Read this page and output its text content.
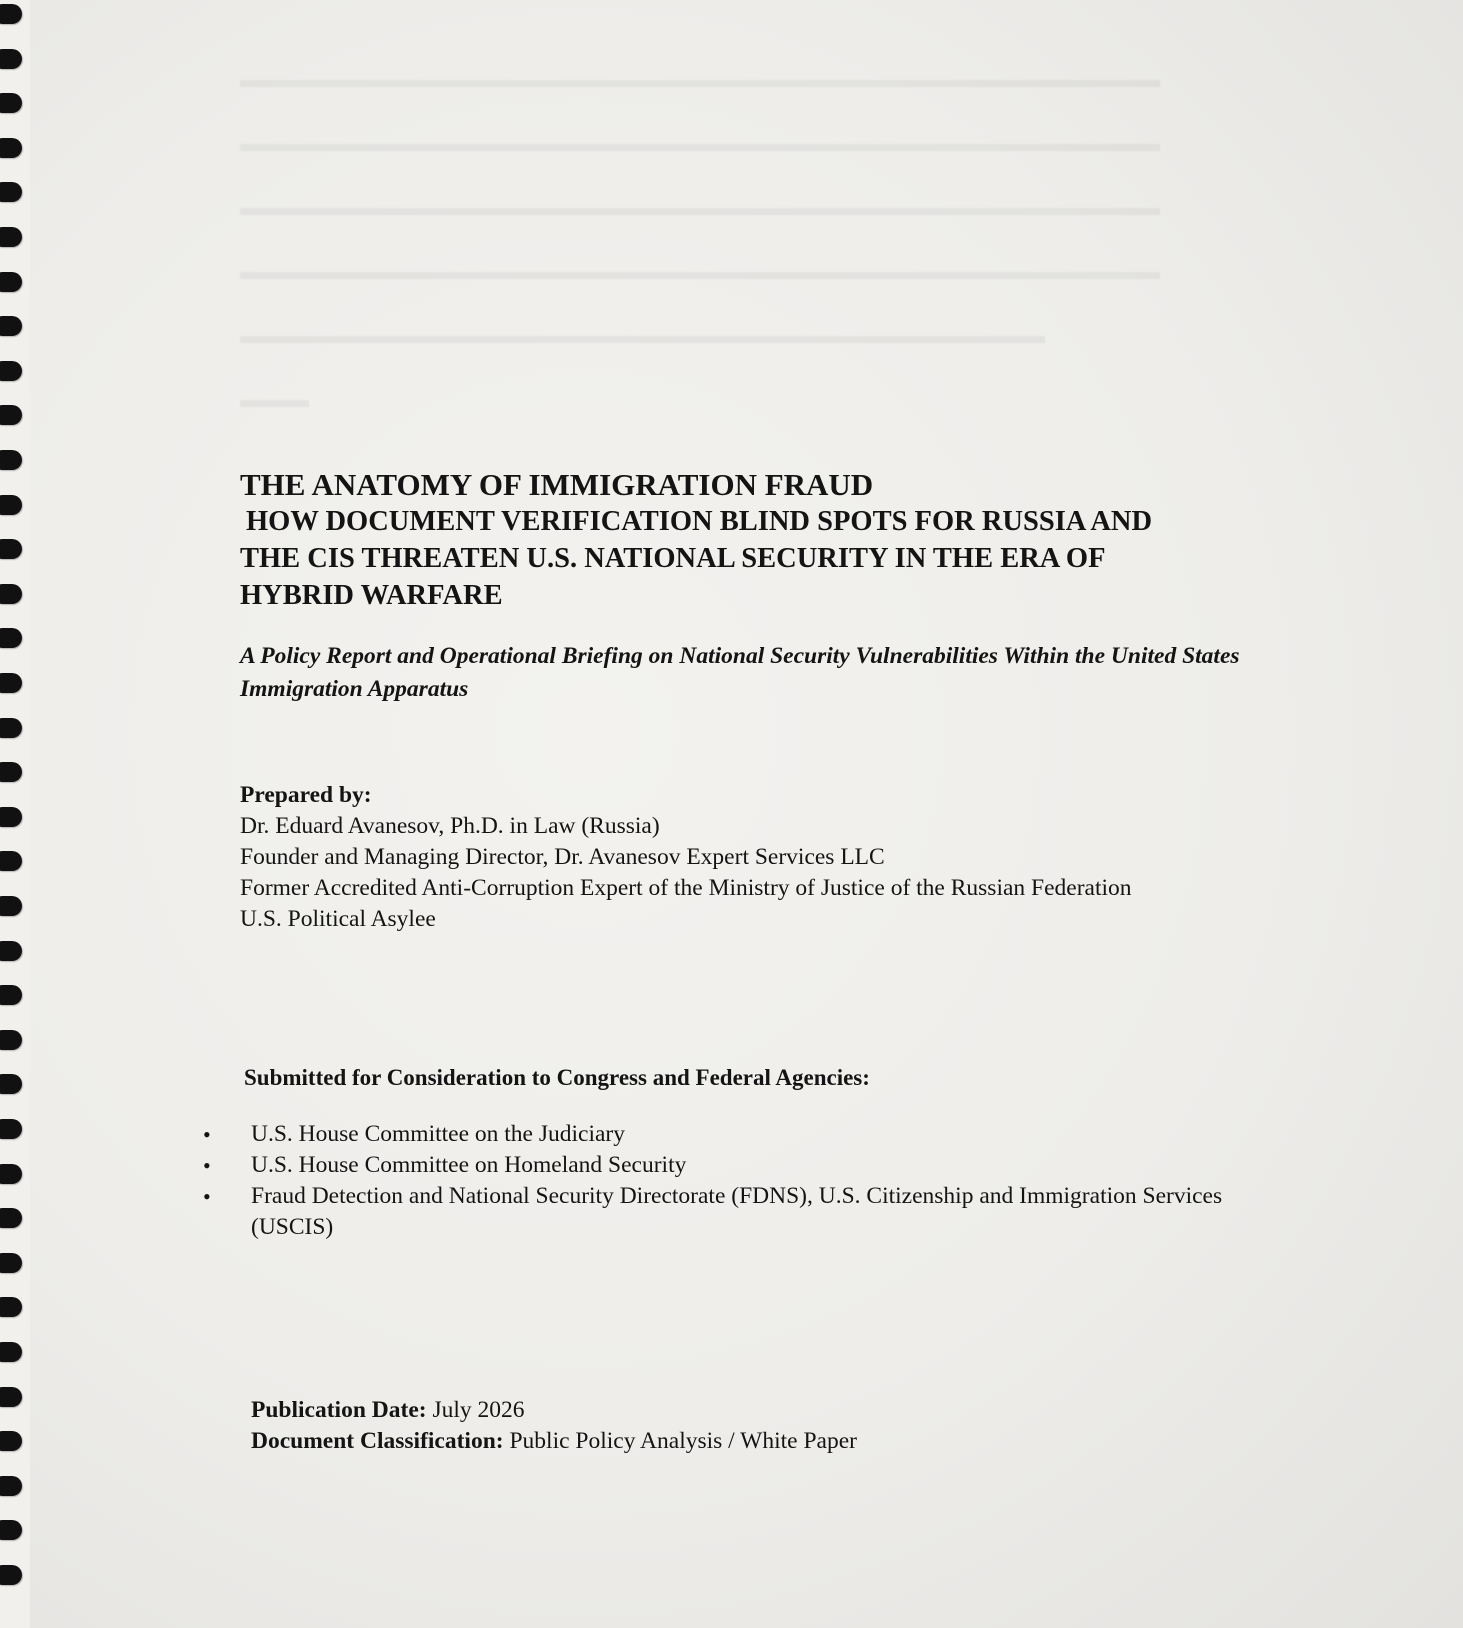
▬▬▬▬▬▬▬▬▬▬▬▬▬▬▬▬▬▬▬▬▬▬▬▬▬▬▬▬▬▬▬▬▬▬▬▬▬▬▬▬
▬▬▬▬▬▬▬▬▬▬▬▬▬▬▬▬▬▬▬▬▬▬▬▬▬▬▬▬▬▬▬▬▬▬▬▬▬▬▬▬
▬▬▬▬▬▬▬▬▬▬▬▬▬▬▬▬▬▬▬▬▬▬▬▬▬▬▬▬▬▬▬▬▬▬▬▬▬▬▬▬
▬▬▬▬▬▬▬▬▬▬▬▬▬▬▬▬▬▬▬▬▬▬▬▬▬▬▬▬▬▬▬▬▬▬▬▬▬▬▬▬
▬▬▬▬▬▬▬▬▬▬▬▬▬▬▬▬▬▬▬▬▬▬▬▬▬▬▬▬▬▬▬▬▬▬▬
▬▬▬
THE ANATOMY OF IMMIGRATION FRAUD
HOW DOCUMENT VERIFICATION BLIND SPOTS FOR RUSSIA AND
THE CIS THREATEN U.S. NATIONAL SECURITY IN THE ERA OF
HYBRID WARFARE
A Policy Report and Operational Briefing on National Security Vulnerabilities Within the United States Immigration Apparatus
Prepared by:
Dr. Eduard Avanesov, Ph.D. in Law (Russia)
Founder and Managing Director, Dr. Avanesov Expert Services LLC
Former Accredited Anti-Corruption Expert of the Ministry of Justice of the Russian Federation
U.S. Political Asylee
Submitted for Consideration to Congress and Federal Agencies:
• U.S. House Committee on the Judiciary
• U.S. House Committee on Homeland Security
• Fraud Detection and National Security Directorate (FDNS), U.S. Citizenship and Immigration Services (USCIS)
Publication Date: July 2026
Document Classification: Public Policy Analysis / White Paper
